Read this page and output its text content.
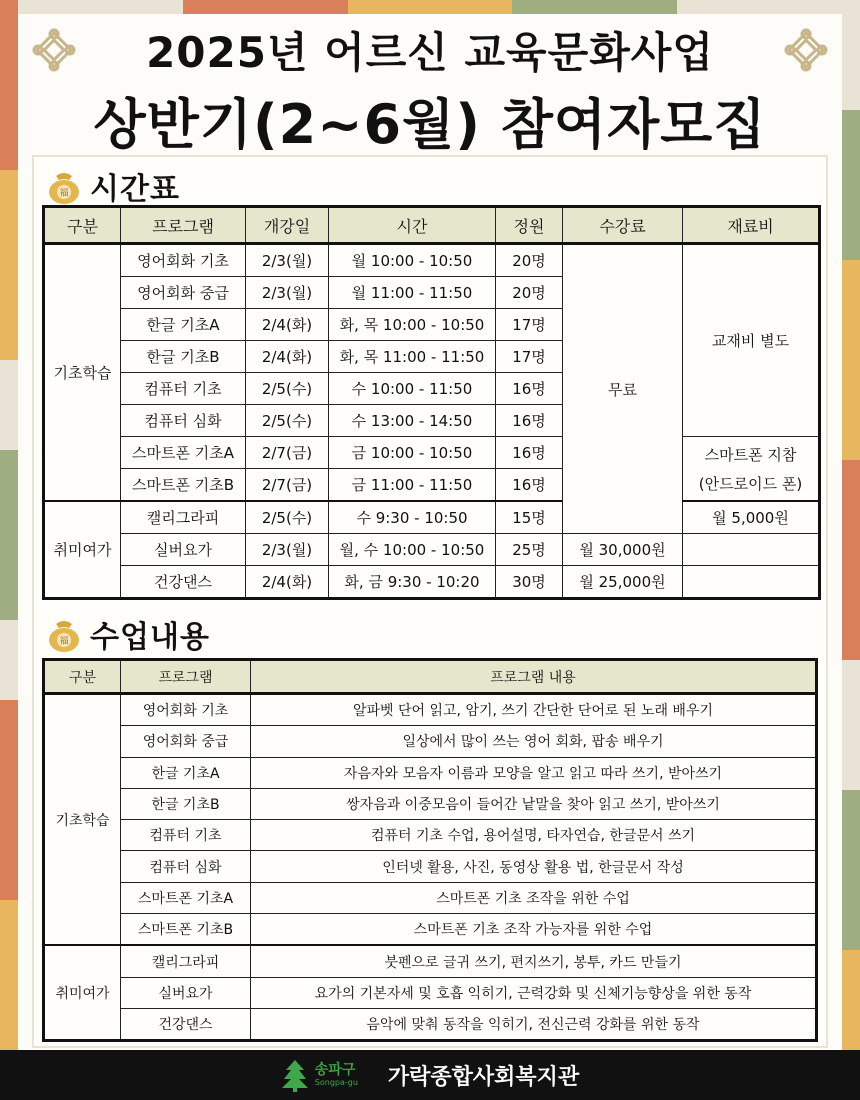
2025년 어르신 교육문화사업
상반기(2~6월) 참여자모집
福 시간표
구분	프로그램	개강일	시간	정원	수강료	재료비
기초학습	영어회화 기초	2/3(월)	월 10:00 - 10:50	20명	무료	교재비 별도
	영어회화 중급	2/3(월)	월 11:00 - 11:50	20명		
	한글 기초A	2/4(화)	화, 목 10:00 - 10:50	17명		
	한글 기초B	2/4(화)	화, 목 11:00 - 11:50	17명		
	컴퓨터 기초	2/5(수)	수 10:00 - 11:50	16명		
	컴퓨터 심화	2/5(수)	수 13:00 - 14:50	16명		
	스마트폰 기초A	2/7(금)	금 10:00 - 10:50	16명		스마트폰 지참
(안드로이드 폰)

	스마트폰 기초B	2/7(금)	금 11:00 - 11:50	16명		
취미여가	캘리그라피	2/5(수)	수 9:30 - 10:50	15명		월 5,000원
	실버요가	2/3(월)	월, 수 10:00 - 10:50	25명	월 30,000원	
	건강댄스	2/4(화)	화, 금 9:30 - 10:20	30명	월 25,000원	
福 수업내용
구분	프로그램	프로그램 내용
기초학습	영어회화 기초	알파벳 단어 읽고, 암기, 쓰기 간단한 단어로 된 노래 배우기
	영어회화 중급	일상에서 많이 쓰는 영어 회화, 팝송 배우기
	한글 기초A	자음자와 모음자 이름과 모양을 알고 읽고 따라 쓰기, 받아쓰기
	한글 기초B	쌍자음과 이중모음이 들어간 낱말을 찾아 읽고 쓰기, 받아쓰기
	컴퓨터 기초	컴퓨터 기초 수업, 용어설명, 타자연습, 한글문서 쓰기
	컴퓨터 심화	인터넷 활용, 사진, 동영상 활용 법, 한글문서 작성
	스마트폰 기초A	스마트폰 기초 조작을 위한 수업
	스마트폰 기초B	스마트폰 기초 조작 가능자를 위한 수업
취미여가	캘리그라피	붓펜으로 글귀 쓰기, 편지쓰기, 봉투, 카드 만들기
	실버요가	요가의 기본자세 및 호흡 익히기, 근력강화 및 신체기능향상을 위한 동작
	건강댄스	음악에 맞춰 동작을 익히기, 전신근력 강화를 위한 동작
송파구
Songpa-gu 가락종합사회복지관
